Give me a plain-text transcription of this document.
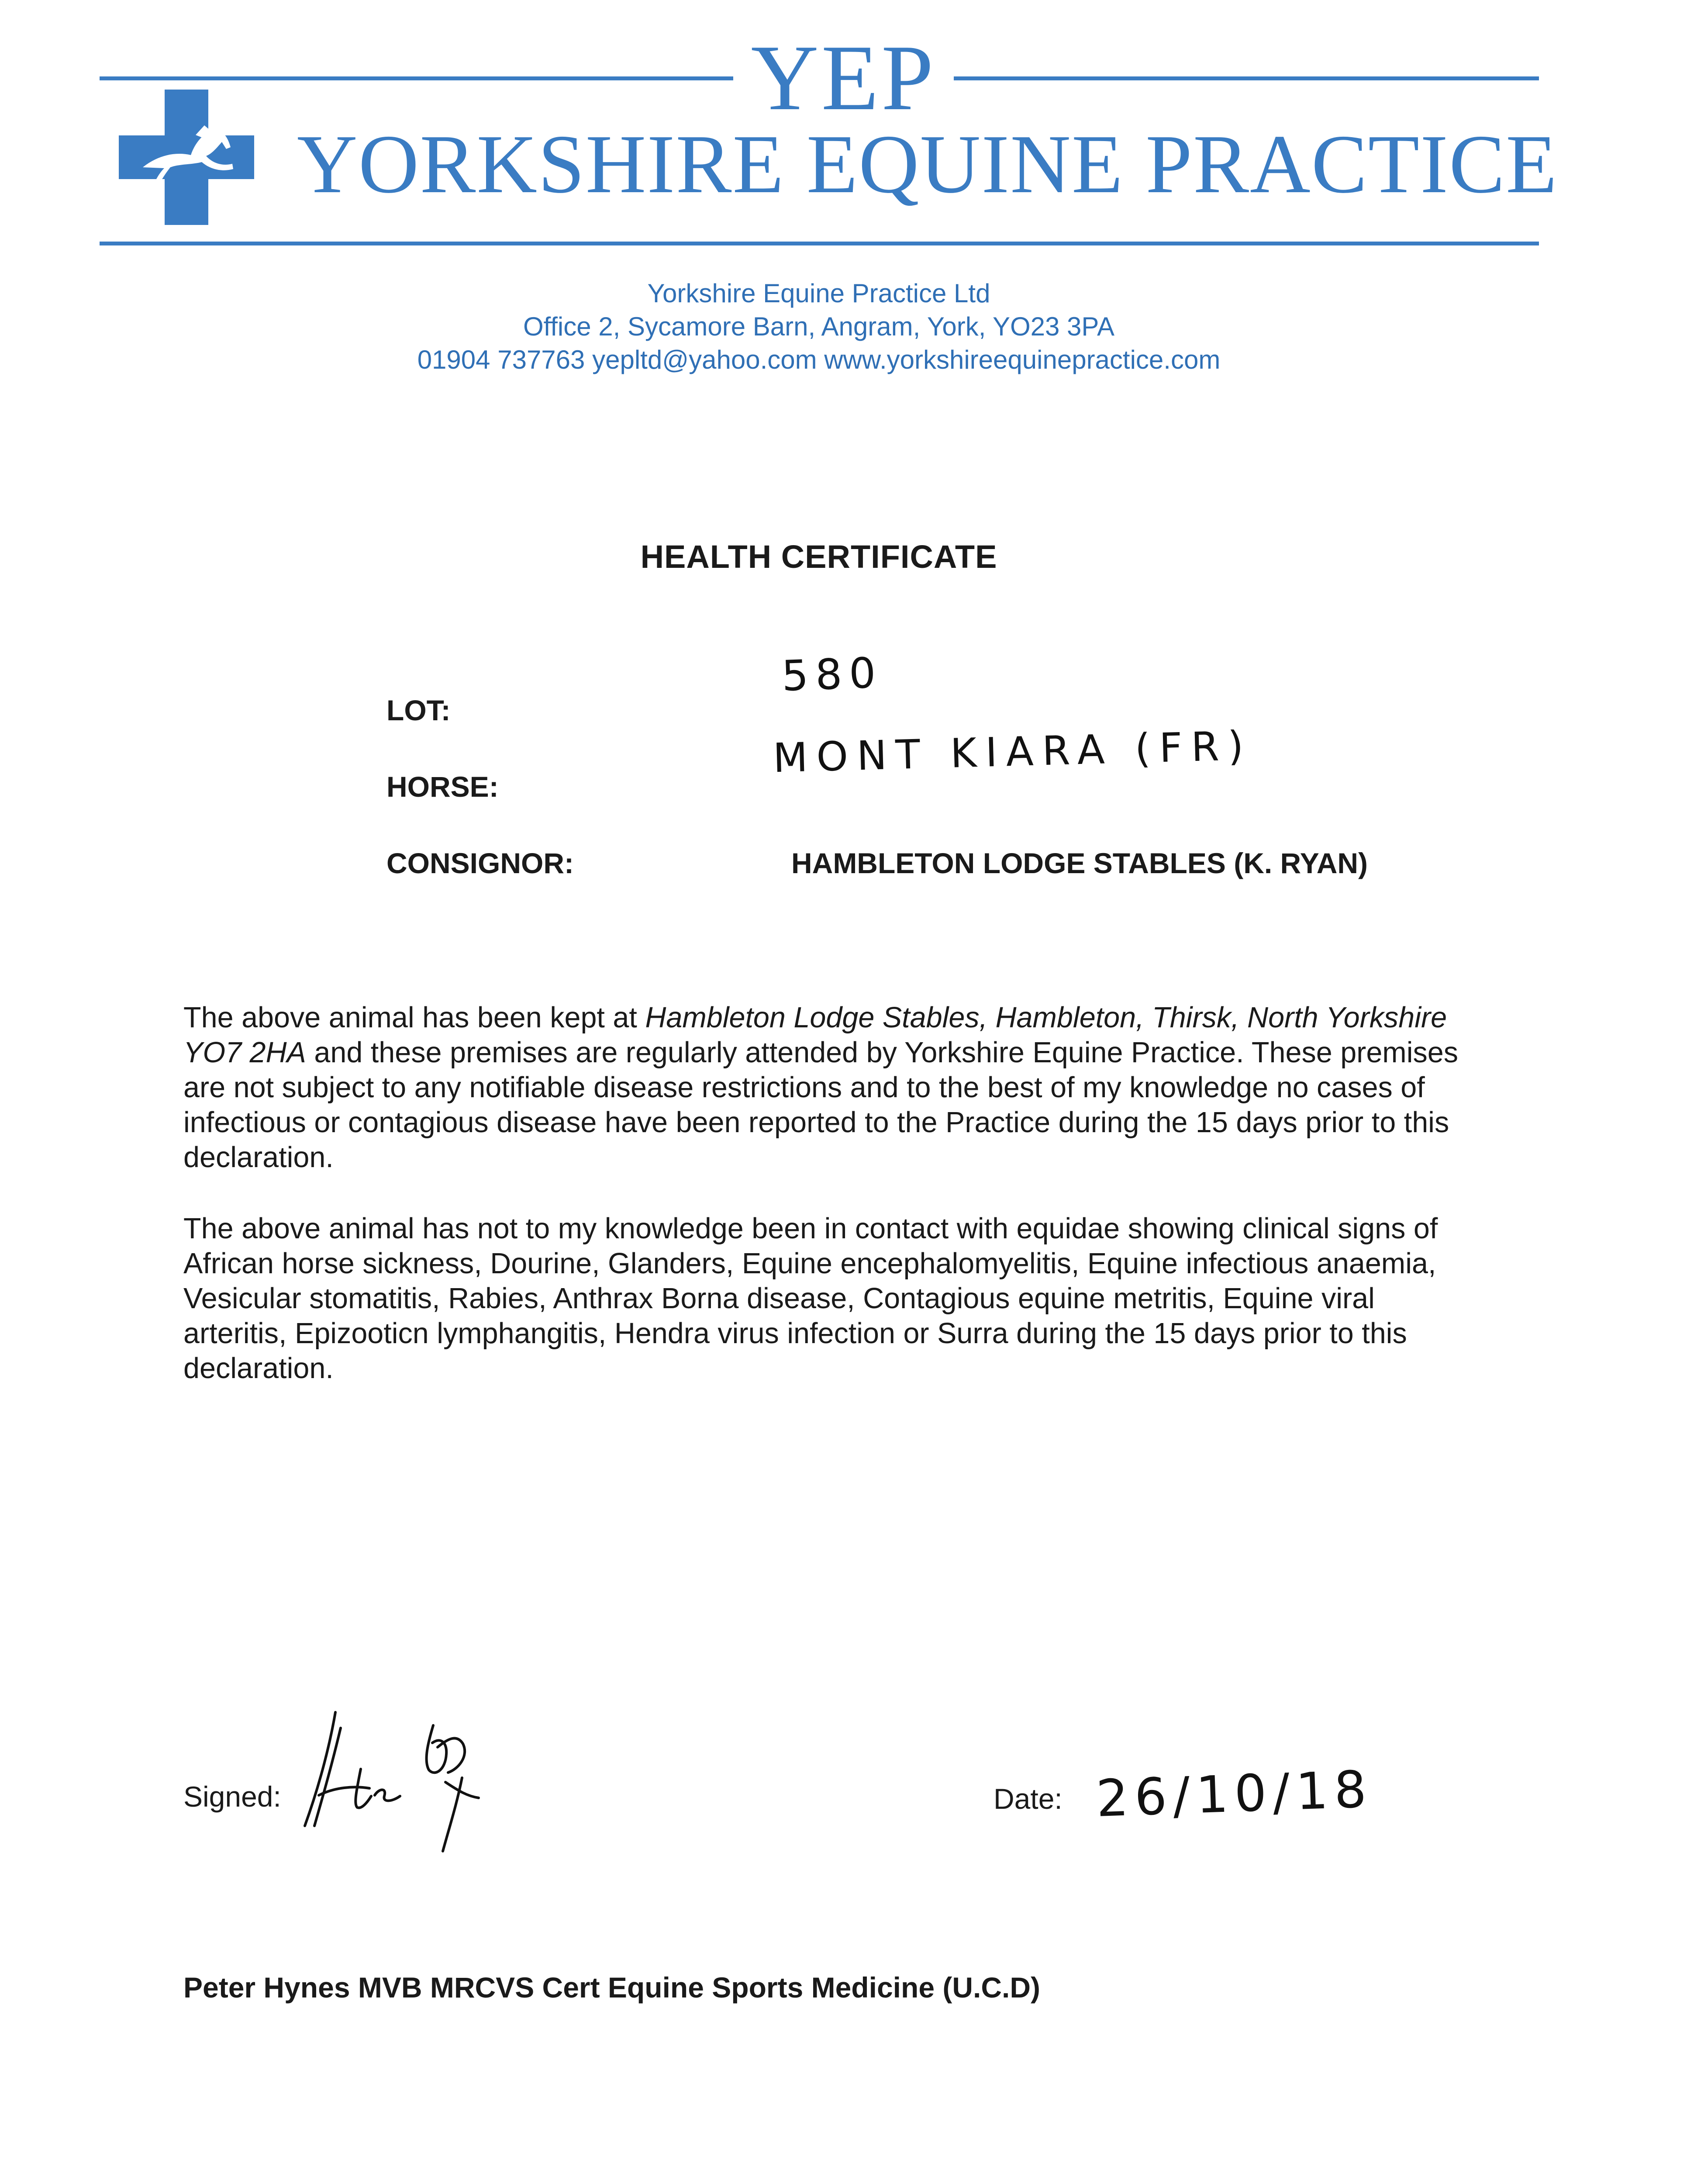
YEP
YORKSHIRE EQUINE PRACTICE
Yorkshire Equine Practice Ltd
Office 2, Sycamore Barn, Angram, York, YO23 3PA
01904 737763 yepltd@yahoo.com www.yorkshireequinepractice.com
HEALTH CERTIFICATE
LOT:
580
HORSE:
MONT KIARA (FR)
CONSIGNOR:	HAMBLETON LODGE STABLES (K. RYAN)

The above animal has been kept at Hambleton Lodge Stables, Hambleton, Thirsk, North Yorkshire YO7 2HA and these premises are regularly attended by Yorkshire Equine Practice. These premises are not subject to any notifiable disease restrictions and to the best of my knowledge no cases of infectious or contagious disease have been reported to the Practice during the 15 days prior to this declaration.

The above animal has not to my knowledge been in contact with equidae showing clinical signs of African horse sickness, Dourine, Glanders, Equine encephalomyelitis, Equine infectious anaemia, Vesicular stomatitis, Rabies, Anthrax Borna disease, Contagious equine metritis, Equine viral arteritis, Epizooticn lymphangitis, Hendra virus infection or Surra during the 15 days prior to this declaration.

Signed:	Date: 26/10/18
Peter Hynes MVB MRCVS Cert Equine Sports Medicine (U.C.D)
